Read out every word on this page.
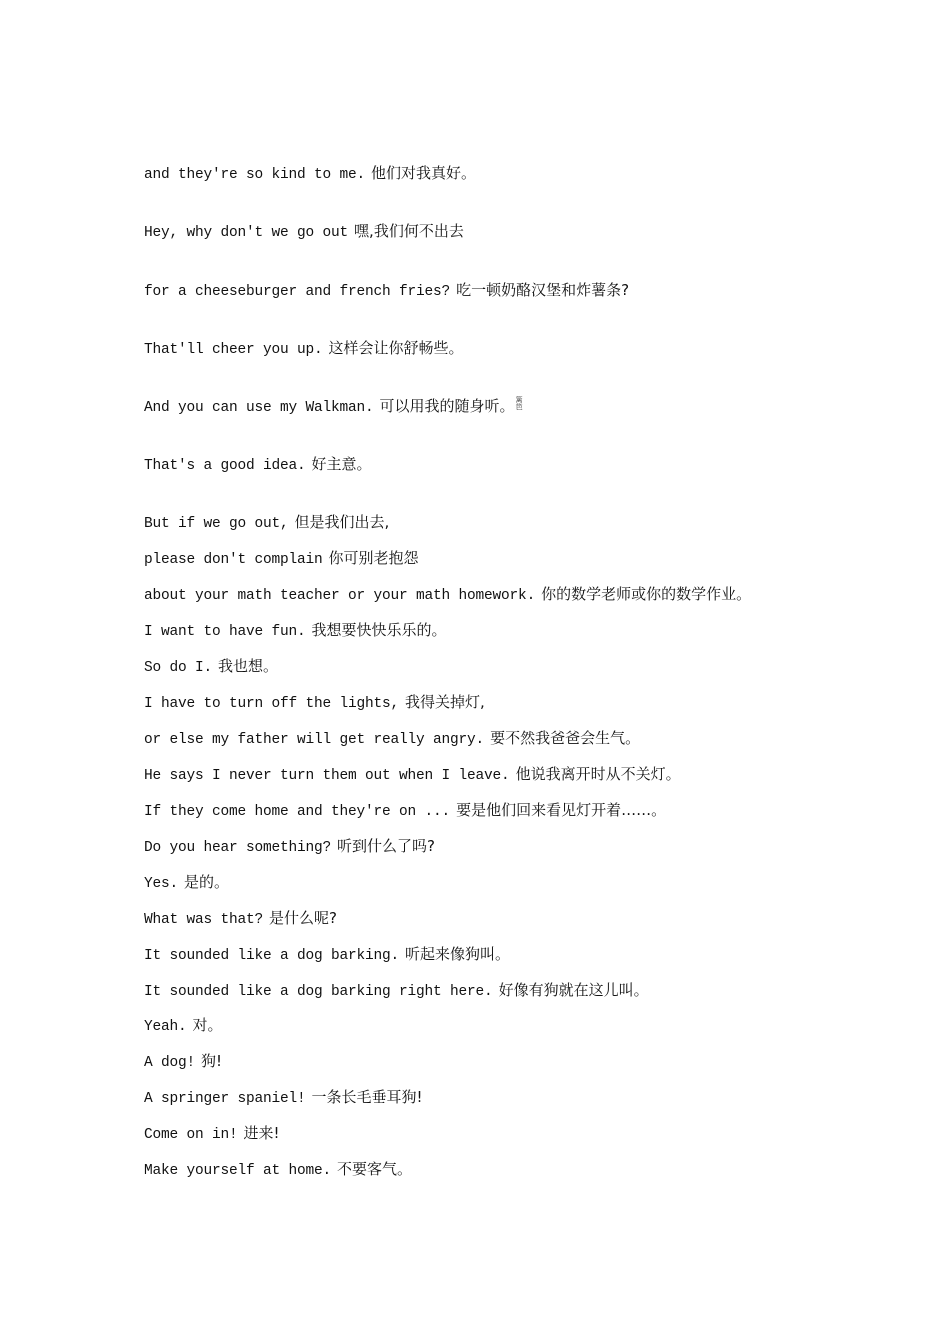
and they're so kind to me. 他们对我真好。
Hey, why don't we go out 嘿,我们何不出去
for a cheeseburger and french fries? 吃一顿奶酪汉堡和炸薯条?
That'll cheer you up. 这样会让你舒畅些。
And you can use my Walkman. 可以用我的随身听。篱笆
That's a good idea. 好主意。
But if we go out, 但是我们出去,
please don't complain 你可别老抱怨
about your math teacher or your math homework. 你的数学老师或你的数学作业。
I want to have fun. 我想要快快乐乐的。
So do I. 我也想。
I have to turn off the lights, 我得关掉灯,
or else my father will get really angry. 要不然我爸爸会生气。
He says I never turn them out when I leave. 他说我离开时从不关灯。
If they come home and they're on ... 要是他们回来看见灯开着……。
Do you hear something? 听到什么了吗?
Yes. 是的。
What was that? 是什么呢?
It sounded like a dog barking. 听起来像狗叫。
It sounded like a dog barking right here. 好像有狗就在这儿叫。
Yeah. 对。
A dog! 狗!
A springer spaniel! 一条长毛垂耳狗!
Come on in! 进来!
Make yourself at home. 不要客气。
